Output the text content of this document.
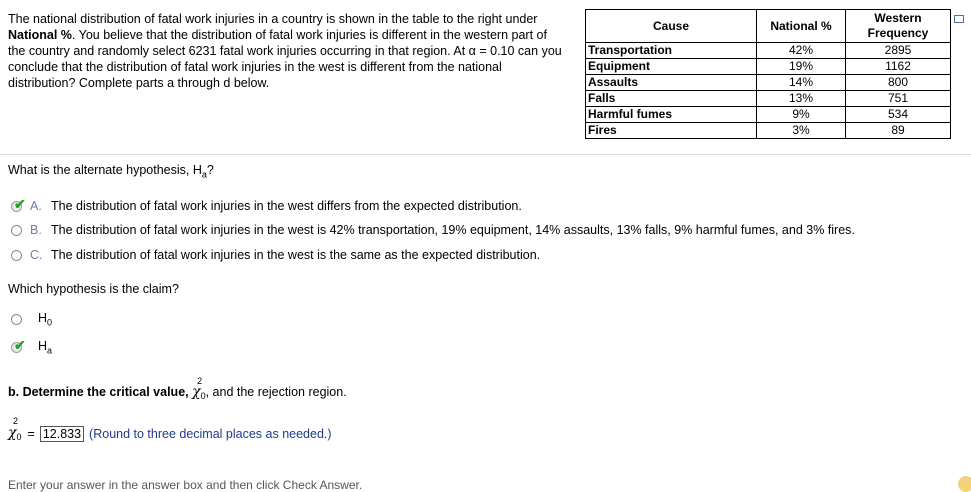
The national distribution of fatal work injuries in a country is shown in the table to the right under
National %. You believe that the distribution of fatal work injuries is different in the western part of
the country and randomly select 6231 fatal work injuries occurring in that region. At α = 0.10 can you
conclude that the distribution of fatal work injuries in the west is different from the national
distribution? Complete parts a through d below.
Cause	National %	Western
Frequency
Transportation	42%	2895
Equipment	19%	1162
Assaults	14%	800
Falls	13%	751
Harmful fumes	9%	534
Fires	3%	89
What is the alternate hypothesis, $H_a$?
✔ A. The distribution of fatal work injuries in the west differs from the expected distribution.
B. The distribution of fatal work injuries in the west is 42% transportation, 19% equipment, 14% assaults, 13% falls, 9% harmful fumes, and 3% fires.
C. The distribution of fatal work injuries in the west is the same as the expected distribution.
Which hypothesis is the claim?
$H_0$
✔ $H_a$
b. Determine the critical value, χ
2
$_0$, and the rejection region.
χ
2
$_0$ = 12.833 (Round to three decimal places as needed.)
Enter your answer in the answer box and then click Check Answer.
